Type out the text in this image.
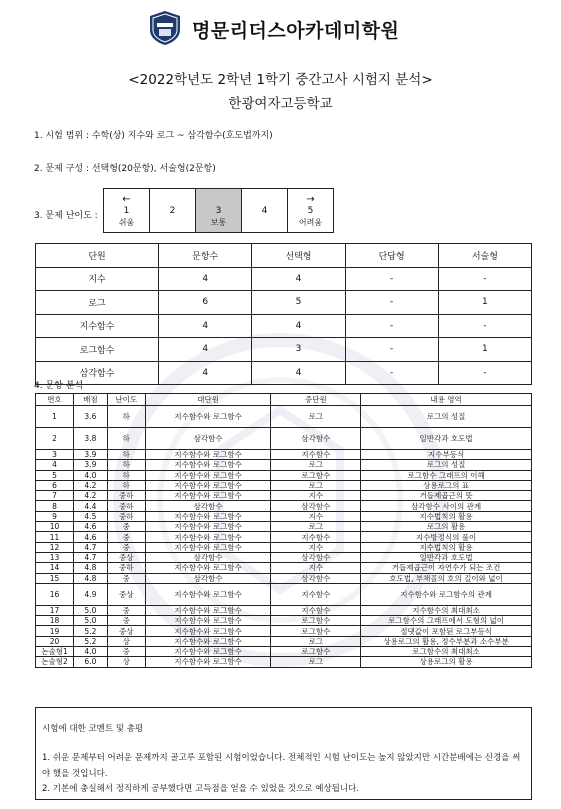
명문리더스아카데미학원
<2022학년도 2학년 1학기 중간고사 시험지 분석>
한광여자고등학교
1. 시험 범위 : 수학(상) 지수와 로그 ~ 삼각함수(호도법까지)
2. 문제 구성 : 선택형(20문항), 서술형(2문항)
3. 문제 난이도 :
←
1
쉬움

2	3
보통

4

→
5
어려움
단원	문항수	선택형	단답형	서술형
지수	4	4	-	-
로그	6	5	-	1
지수함수	4	4	-	-
로그함수	4	3	-	1
삼각함수	4	4	-	-
4. 문항 분석
번호	배점	난이도	대단원	중단원	내용 영역
1	3.6	하	지수함수와 로그함수	로그	로그의 성질
2	3.8	하	삼각함수	삼각함수	일반각과 호도법
3	3.9	하	지수함수와 로그함수	지수함수	지수부등식
4	3.9	하	지수함수와 로그함수	로그	로그의 성질
5	4.0	하	지수함수와 로그함수	로그함수	로그함수 그래프의 이해
6	4.2	하	지수함수와 로그함수	로그	상용로그의 표
7	4.2	중하	지수함수와 로그함수	지수	거듭제곱근의 뜻
8	4.4	중하	삼각함수	삼각함수	삼각함수 사이의 관계
9	4.5	중하	지수함수와 로그함수	지수	지수법칙의 활용
10	4.6	중	지수함수와 로그함수	로그	로그의 활용
11	4.6	중	지수함수와 로그함수	지수함수	지수방정식의 풀이
12	4.7	중	지수함수와 로그함수	지수	지수법칙의 활용
13	4.7	중상	삼각함수	삼각함수	일반각과 호도법
14	4.8	중하	지수함수와 로그함수	지수	거듭제곱근이 자연수가 되는 조건
15	4.8	중	삼각함수	삼각함수	호도법, 부채꼴의 호의 길이와 넓이
16	4.9	중상	지수함수와 로그함수	지수함수	지수함수와 로그함수의 관계
17	5.0	중	지수함수와 로그함수	지수함수	지수함수의 최대최소
18	5.0	중	지수함수와 로그함수	로그함수	로그함수의 그래프에서 도형의 넓이
19	5.2	중상	지수함수와 로그함수	로그함수	절댓값이 포함된 로그부등식
20	5.2	상	지수함수와 로그함수	로그	상용로그의 활용, 정수부분과 소수부분
논술형1	4.0	중	지수함수와 로그함수	로그함수	로그함수의 최대최소
논술형2	6.0	상	지수함수와 로그함수	로그	상용로그의 활용
시험에 대한 코멘트 및 총평
1. 쉬운 문제부터 어려운 문제까지 골고루 포함된 시험이었습니다. 전체적인 시험 난이도는 높지 않았지만 시간분배에는 신경을 써야 했을 것입니다.
2. 기본에 충실해서 정직하게 공부했다면 고득점을 얻을 수 있었을 것으로 예상됩니다.
